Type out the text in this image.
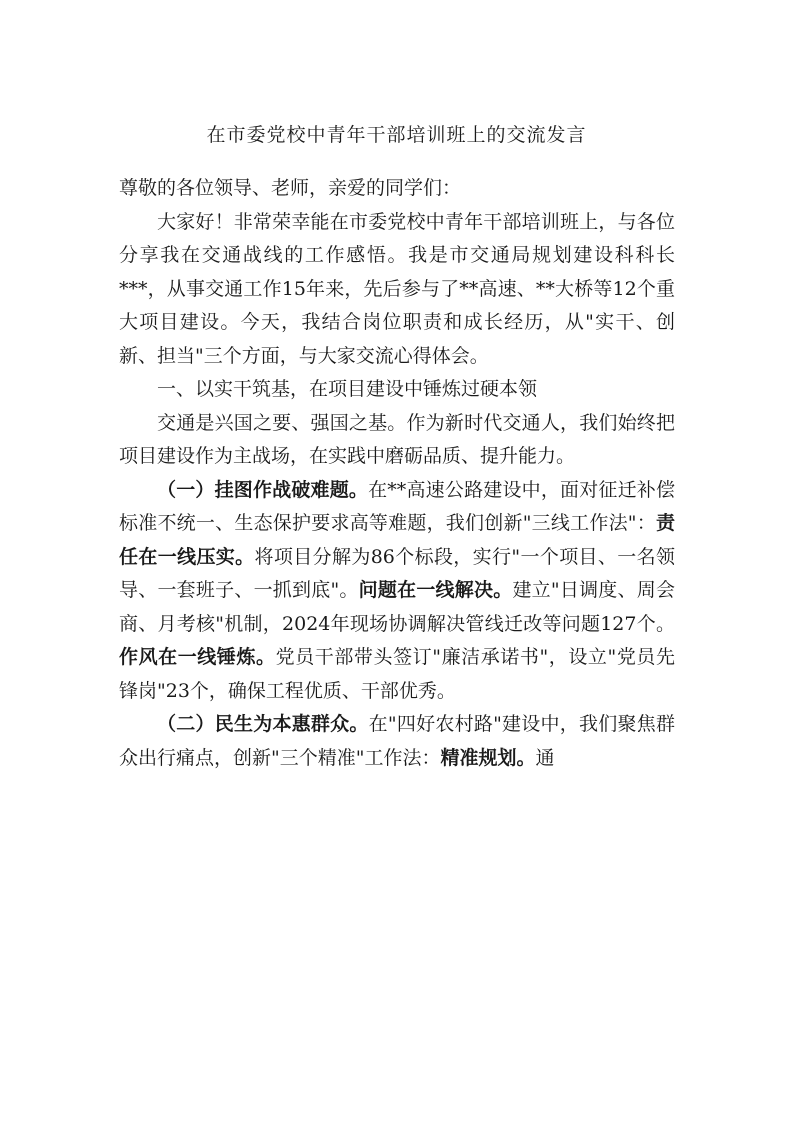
在市委党校中青年干部培训班上的交流发言

尊敬的各位领导、老师，亲爱的同学们：

大家好！非常荣幸能在市委党校中青年干部培训班上，与各位分享我在交通战线的工作感悟。我是市交通局规划建设科科长***，从事交通工作15年来，先后参与了**高速、**大桥等12个重大项目建设。今天，我结合岗位职责和成长经历，从"实干、创新、担当"三个方面，与大家交流心得体会。

一、以实干筑基，在项目建设中锤炼过硬本领

交通是兴国之要、强国之基。作为新时代交通人，我们始终把项目建设作为主战场，在实践中磨砺品质、提升能力。

（一）挂图作战破难题。在**高速公路建设中，面对征迁补偿标准不统一、生态保护要求高等难题，我们创新"三线工作法"：责任在一线压实。将项目分解为86个标段，实行"一个项目、一名领导、一套班子、一抓到底"。问题在一线解决。建立"日调度、周会商、月考核"机制，2024年现场协调解决管线迁改等问题127个。作风在一线锤炼。党员干部带头签订"廉洁承诺书"，设立"党员先锋岗"23个，确保工程优质、干部优秀。

（二）民生为本惠群众。在"四好农村路"建设中，我们聚焦群众出行痛点，创新"三个精准"工作法：精准规划。通
